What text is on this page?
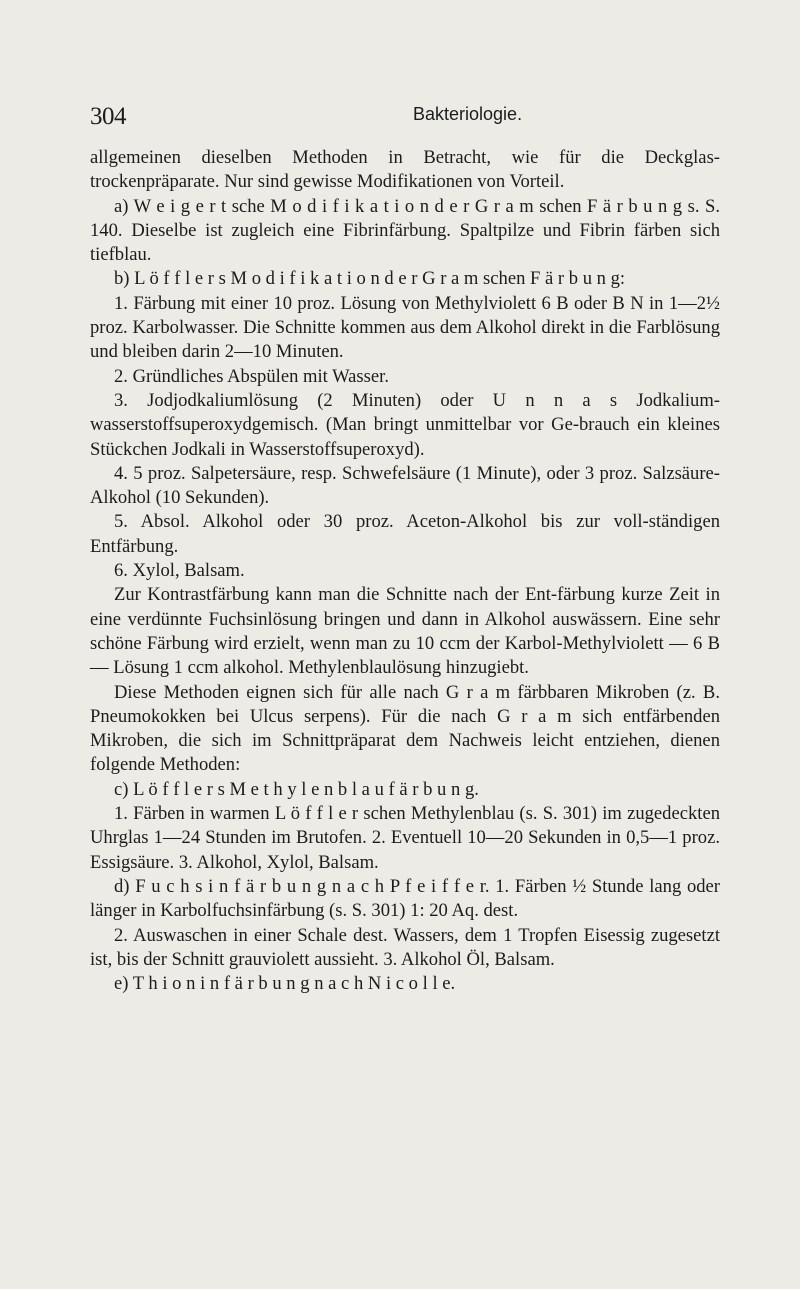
304	Bakteriologie.

allgemeinen dieselben Methoden in Betracht, wie für die Deckglas-trockenpräparate. Nur sind gewisse Modifikationen von Vorteil.

a) W e i g e r t sche M o d i f i k a t i o n d e r G r a m schen F ä r b u n g s. S. 140. Dieselbe ist zugleich eine Fibrinfärbung. Spaltpilze und Fibrin färben sich tiefblau.

b) L ö f f l e r s M o d i f i k a t i o n d e r G r a m schen F ä r b u n g:

1. Färbung mit einer 10 proz. Lösung von Methylviolett 6 B oder B N in 1—2½ proz. Karbolwasser. Die Schnitte kommen aus dem Alkohol direkt in die Farblösung und bleiben darin 2—10 Minuten.

2. Gründliches Abspülen mit Wasser.

3. Jodjodkaliumlösung (2 Minuten) oder U n n a s Jodkalium-wasserstoffsuperoxydgemisch. (Man bringt unmittelbar vor Ge-brauch ein kleines Stückchen Jodkali in Wasserstoffsuperoxyd).

4. 5 proz. Salpetersäure, resp. Schwefelsäure (1 Minute), oder 3 proz. Salzsäure-Alkohol (10 Sekunden).

5. Absol. Alkohol oder 30 proz. Aceton-Alkohol bis zur voll-ständigen Entfärbung.

6. Xylol, Balsam.

Zur Kontrastfärbung kann man die Schnitte nach der Ent-färbung kurze Zeit in eine verdünnte Fuchsinlösung bringen und dann in Alkohol auswässern. Eine sehr schöne Färbung wird erzielt, wenn man zu 10 ccm der Karbol-Methylviolett — 6 B — Lösung 1 ccm alkohol. Methylenblaulösung hinzugiebt.

Diese Methoden eignen sich für alle nach G r a m färbbaren Mikroben (z. B. Pneumokokken bei Ulcus serpens). Für die nach G r a m sich entfärbenden Mikroben, die sich im Schnittpräparat dem Nachweis leicht entziehen, dienen folgende Methoden:

c) L ö f f l e r s M e t h y l e n b l a u f ä r b u n g.

1. Färben in warmen L ö f f l e r schen Methylenblau (s. S. 301) im zugedeckten Uhrglas 1—24 Stunden im Brutofen. 2. Eventuell 10—20 Sekunden in 0,5—1 proz. Essigsäure. 3. Alkohol, Xylol, Balsam.

d) F u c h s i n f ä r b u n g n a c h P f e i f f e r. 1. Färben ½ Stunde lang oder länger in Karbolfuchsinfärbung (s. S. 301) 1: 20 Aq. dest.

2. Auswaschen in einer Schale dest. Wassers, dem 1 Tropfen Eisessig zugesetzt ist, bis der Schnitt grauviolett aussieht. 3. Alkohol Öl, Balsam.

e) T h i o n i n f ä r b u n g n a c h N i c o l l e.
